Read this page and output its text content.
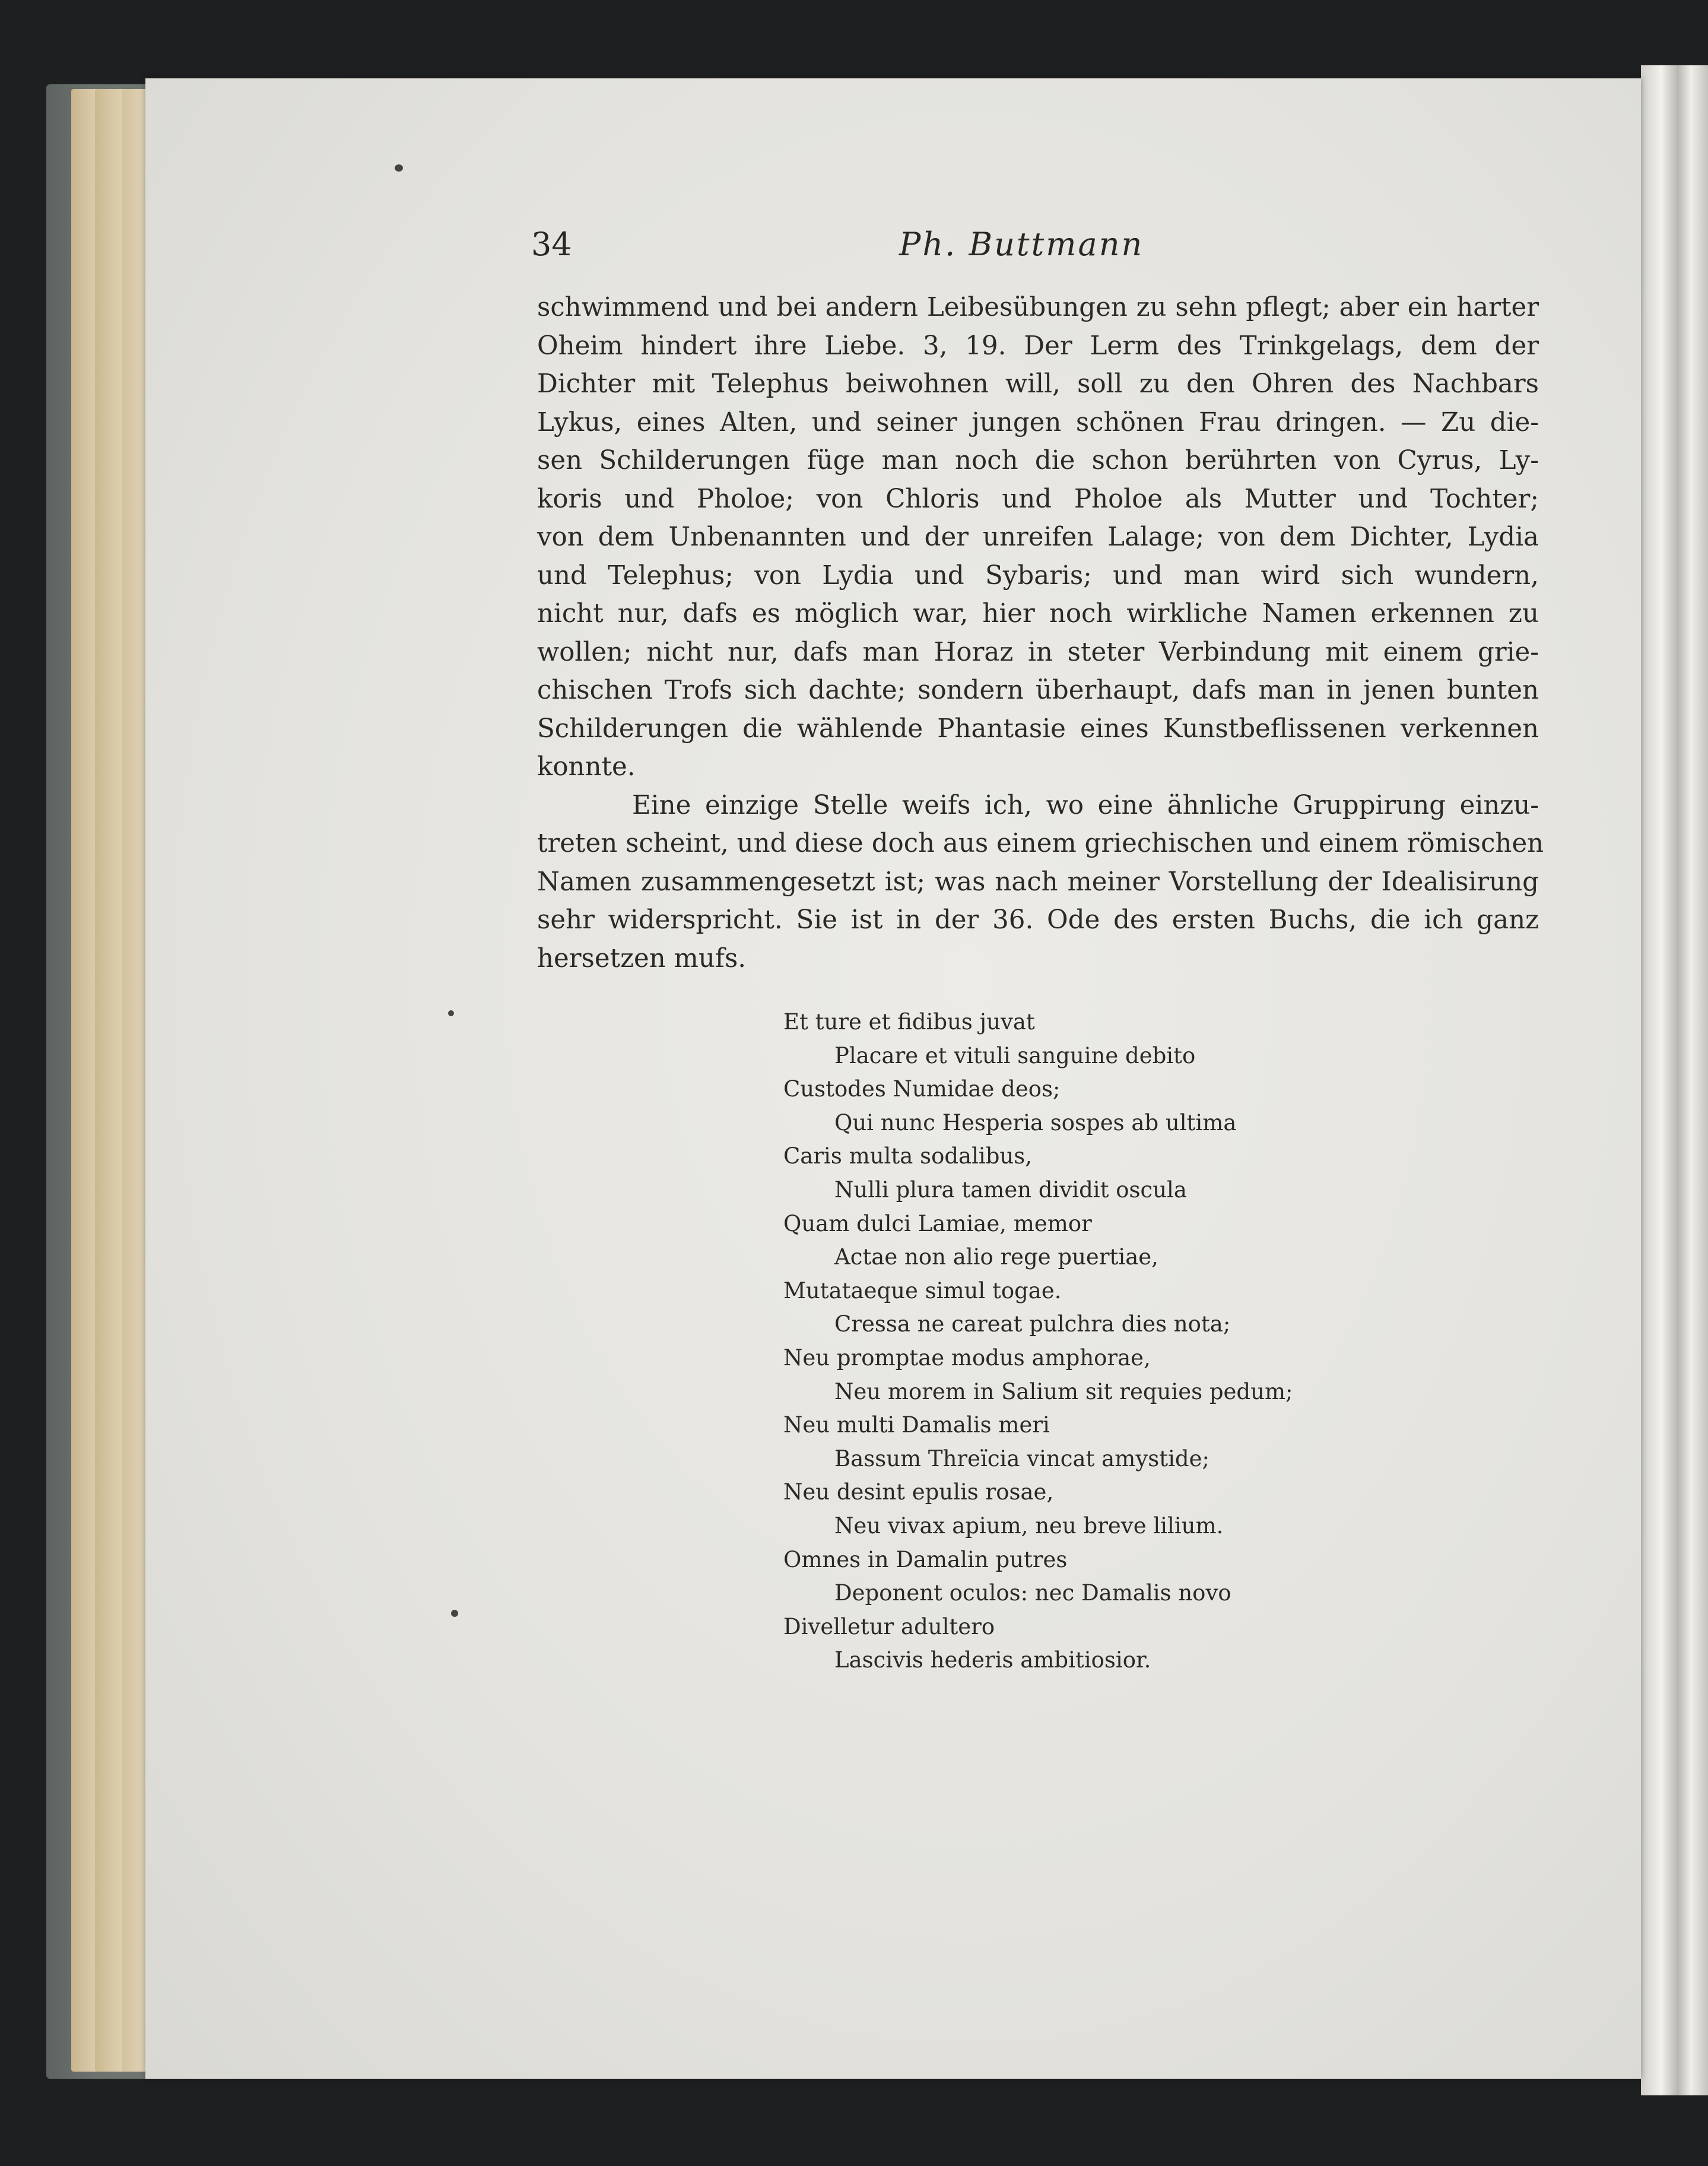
34	Ph. Buttmann
schwimmend und bei andern Leibesübungen zu sehn pflegt; aber ein harter
Oheim hindert ihre Liebe. 3, 19. Der Lerm des Trinkgelags, dem der
Dichter mit Telephus beiwohnen will, soll zu den Ohren des Nachbars
Lykus, eines Alten, und seiner jungen schönen Frau dringen. — Zu die-
sen Schilderungen füge man noch die schon berührten von Cyrus, Ly-
koris und Pholoe; von Chloris und Pholoe als Mutter und Tochter;
von dem Unbenannten und der unreifen Lalage; von dem Dichter, Lydia
und Telephus; von Lydia und Sybaris; und man wird sich wundern,
nicht nur, dafs es möglich war, hier noch wirkliche Namen erkennen zu
wollen; nicht nur, dafs man Horaz in steter Verbindung mit einem grie-
chischen Trofs sich dachte; sondern überhaupt, dafs man in jenen bunten
Schilderungen die wählende Phantasie eines Kunstbeflissenen verkennen
konnte.
Eine einzige Stelle weifs ich, wo eine ähnliche Gruppirung einzu-
treten scheint, und diese doch aus einem griechischen und einem römischen
Namen zusammengesetzt ist; was nach meiner Vorstellung der Idealisirung
sehr widerspricht. Sie ist in der 36. Ode des ersten Buchs, die ich ganz
hersetzen mufs.
Et ture et fidibus juvat
Placare et vituli sanguine debito
Custodes Numidae deos;
Qui nunc Hesperia sospes ab ultima
Caris multa sodalibus,
Nulli plura tamen dividit oscula
Quam dulci Lamiae, memor
Actae non alio rege puertiae,
Mutataeque simul togae.
Cressa ne careat pulchra dies nota;
Neu promptae modus amphorae,
Neu morem in Salium sit requies pedum;
Neu multi Damalis meri
Bassum Threïcia vincat amystide;
Neu desint epulis rosae,
Neu vivax apium, neu breve lilium.
Omnes in Damalin putres
Deponent oculos: nec Damalis novo
Divelletur adultero
Lascivis hederis ambitiosior.
